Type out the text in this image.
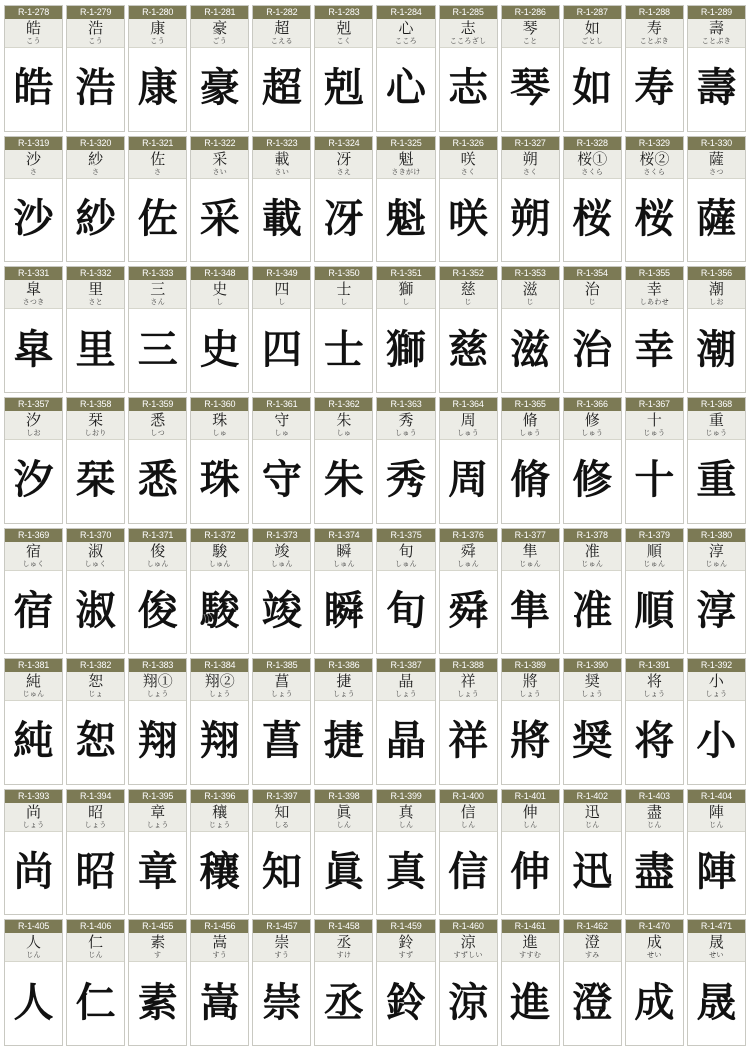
R-1-278
皓
こう
皓
R-1-279
浩
こう
浩
R-1-280
康
こう
康
R-1-281
豪
ごう
豪
R-1-282
超
こえる
超
R-1-283
剋
こく
剋
R-1-284
心
こころ
心
R-1-285
志
こころざし
志
R-1-286
琴
こと
琴
R-1-287
如
ごとし
如
R-1-288
寿
ことぶき
寿
R-1-289
壽
ことぶき
壽
R-1-319
沙
さ
沙
R-1-320
紗
さ
紗
R-1-321
佐
さ
佐
R-1-322
采
さい
采
R-1-323
載
さい
載
R-1-324
冴
さえ
冴
R-1-325
魁
さきがけ
魁
R-1-326
咲
さく
咲
R-1-327
朔
さく
朔
R-1-328
桜①
さくら
桜
R-1-329
桜②
さくら
桜
R-1-330
薩
さつ
薩
R-1-331
皐
さつき
皐
R-1-332
里
さと
里
R-1-333
三
さん
三
R-1-348
史
し
史
R-1-349
四
し
四
R-1-350
士
し
士
R-1-351
獅
し
獅
R-1-352
慈
じ
慈
R-1-353
滋
じ
滋
R-1-354
治
じ
治
R-1-355
幸
しあわせ
幸
R-1-356
潮
しお
潮
R-1-357
汐
しお
汐
R-1-358
栞
しおり
栞
R-1-359
悉
しつ
悉
R-1-360
珠
しゅ
珠
R-1-361
守
しゅ
守
R-1-362
朱
しゅ
朱
R-1-363
秀
しゅう
秀
R-1-364
周
しゅう
周
R-1-365
脩
しゅう
脩
R-1-366
修
しゅう
修
R-1-367
十
じゅう
十
R-1-368
重
じゅう
重
R-1-369
宿
しゅく
宿
R-1-370
淑
しゅく
淑
R-1-371
俊
しゅん
俊
R-1-372
駿
しゅん
駿
R-1-373
竣
しゅん
竣
R-1-374
瞬
しゅん
瞬
R-1-375
旬
しゅん
旬
R-1-376
舜
しゅん
舜
R-1-377
隼
じゅん
隼
R-1-378
准
じゅん
准
R-1-379
順
じゅん
順
R-1-380
淳
じゅん
淳
R-1-381
純
じゅん
純
R-1-382
恕
じょ
恕
R-1-383
翔①
しょう
翔
R-1-384
翔②
しょう
翔
R-1-385
菖
しょう
菖
R-1-386
捷
しょう
捷
R-1-387
晶
しょう
晶
R-1-388
祥
しょう
祥
R-1-389
將
しょう
將
R-1-390
奨
しょう
奨
R-1-391
将
しょう
将
R-1-392
小
しょう
小
R-1-393
尚
しょう
尚
R-1-394
昭
しょう
昭
R-1-395
章
しょう
章
R-1-396
穰
じょう
穰
R-1-397
知
しる
知
R-1-398
眞
しん
眞
R-1-399
真
しん
真
R-1-400
信
しん
信
R-1-401
伸
しん
伸
R-1-402
迅
じん
迅
R-1-403
盡
じん
盡
R-1-404
陣
じん
陣
R-1-405
人
じん
人
R-1-406
仁
じん
仁
R-1-455
素
す
素
R-1-456
嵩
すう
嵩
R-1-457
崇
すう
崇
R-1-458
丞
すけ
丞
R-1-459
鈴
すず
鈴
R-1-460
涼
すずしい
涼
R-1-461
進
すすむ
進
R-1-462
澄
すみ
澄
R-1-470
成
せい
成
R-1-471
晟
せい
晟
